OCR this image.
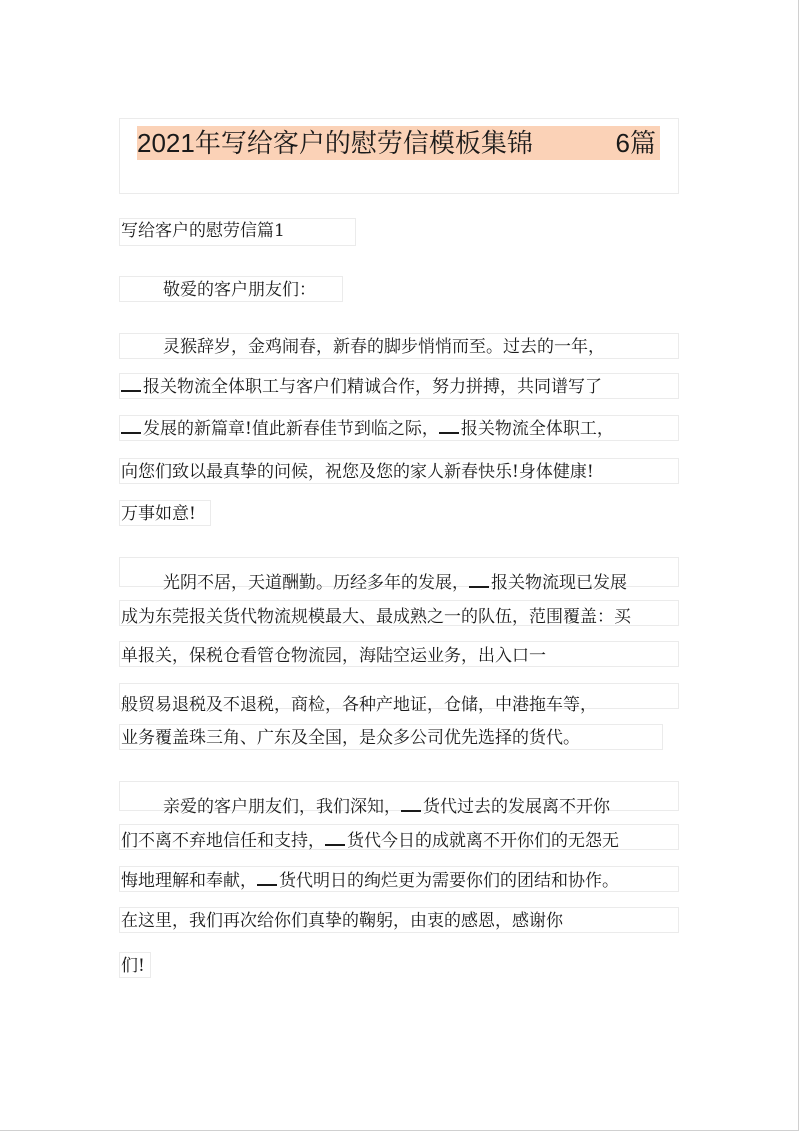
2021年写给客户的慰劳信模板集锦	6篇
写给客户的慰劳信篇1
敬爱的客户朋友们：
灵猴辞岁，金鸡闹春，新春的脚步悄悄而至。过去的一年，
报关物流全体职工与客户们精诚合作，努力拼搏，共同谱写了
发展的新篇章!值此新春佳节到临之际， 报关物流全体职工，
向您们致以最真挚的问候，祝您及您的家人新春快乐!身体健康!
万事如意!
光阴不居，天道酬勤。历经多年的发展， 报关物流现已发展
成为东莞报关货代物流规模最大、最成熟之一的队伍，范围覆盖：买
单报关，保税仓看管仓物流园，海陆空运业务，出入口一
般贸易退税及不退税，商检，各种产地证，仓储，中港拖车等，
业务覆盖珠三角、广东及全国，是众多公司优先选择的货代。
亲爱的客户朋友们，我们深知， 货代过去的发展离不开你
们不离不弃地信任和支持， 货代今日的成就离不开你们的无怨无
悔地理解和奉献， 货代明日的绚烂更为需要你们的团结和协作。
在这里，我们再次给你们真挚的鞠躬，由衷的感恩，感谢你
们!
